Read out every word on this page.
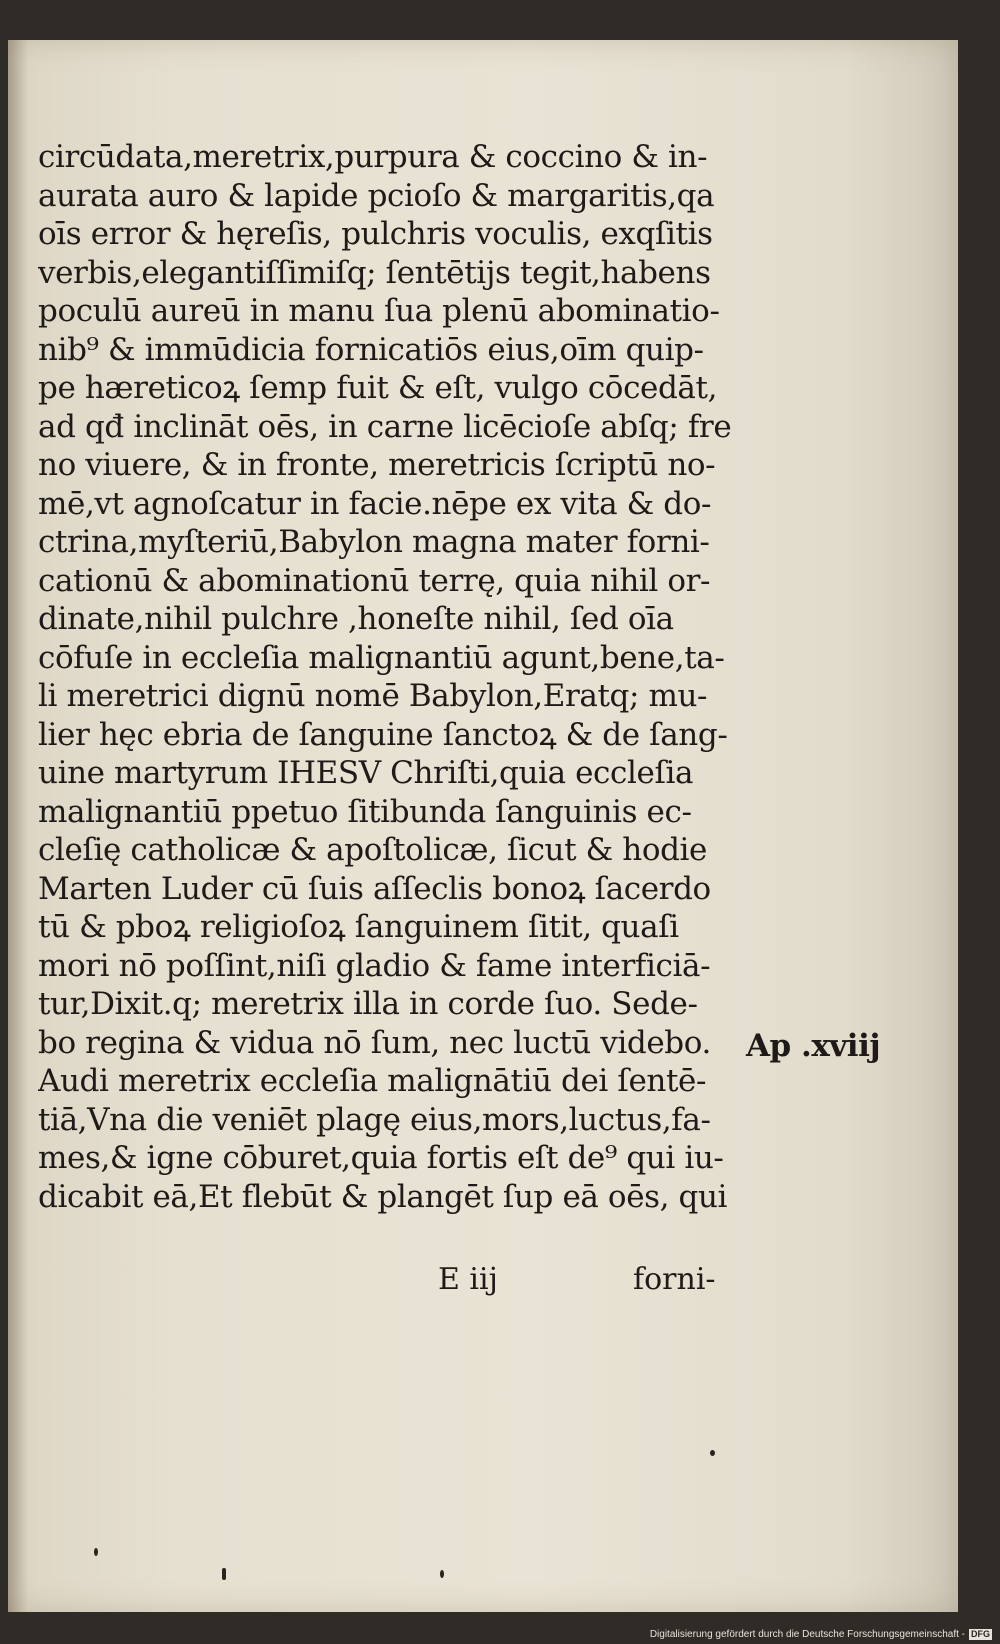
circūdata,meretrix,purpura & coccino & in-
aurata auro & lapide pcioſo & margaritis,qa
oīs error & hęreſis, pulchris voculis, exqſitis
verbis,elegantiſſimiſq; ſentētijs tegit,habens
poculū aureū in manu ſua plenū abominatio-
nib⁹ & immūdicia fornicatiōs eius,oīm quip-
pe hæreticoꝝ ſemp fuit & eſt, vulgo cōcedāt,
ad qđ inclināt oēs, in carne licēcioſe abſq; fre
no viuere, & in fronte, meretricis ſcriptū no-
mē,vt agnoſcatur in facie.nēpe ex vita & do-
ctrina,myſteriū,Babylon magna mater forni-
cationū & abominationū terrę, quia nihil or-
dinate,nihil pulchre ,honeſte nihil, ſed oīa
cōfuſe in eccleſia malignantiū agunt,bene,ta-
li meretrici dignū nomē Babylon,Eratq; mu-
lier hęc ebria de ſanguine ſanctoꝝ & de ſang-
uine martyrum IHESV Chriſti,quia eccleſia
malignantiū ppetuo ſitibunda ſanguinis ec-
cleſię catholicæ & apoſtolicæ, ſicut & hodie
Marten Luder cū ſuis aſſeclis bonoꝝ ſacerdo
tū & pboꝝ religioſoꝝ ſanguinem ſitit, quaſi
mori nō poſſint,niſi gladio & fame interficiā-
tur,Dixit.q; meretrix illa in corde ſuo. Sede-
bo regina & vidua nō ſum, nec luctū videbo.
Audi meretrix eccleſia malignātiū dei ſentē-
tiā,Vna die veniēt plagę eius,mors,luctus,fa-
mes,& igne cōburet,quia fortis eſt de⁹ qui iu-
dicabit eā,Et flebūt & plangēt ſup eā oēs, qui
E iij	forni-
Ap .xviij
Digitalisierung gefördert durch die Deutsche Forschungsgemeinschaft - DFG
